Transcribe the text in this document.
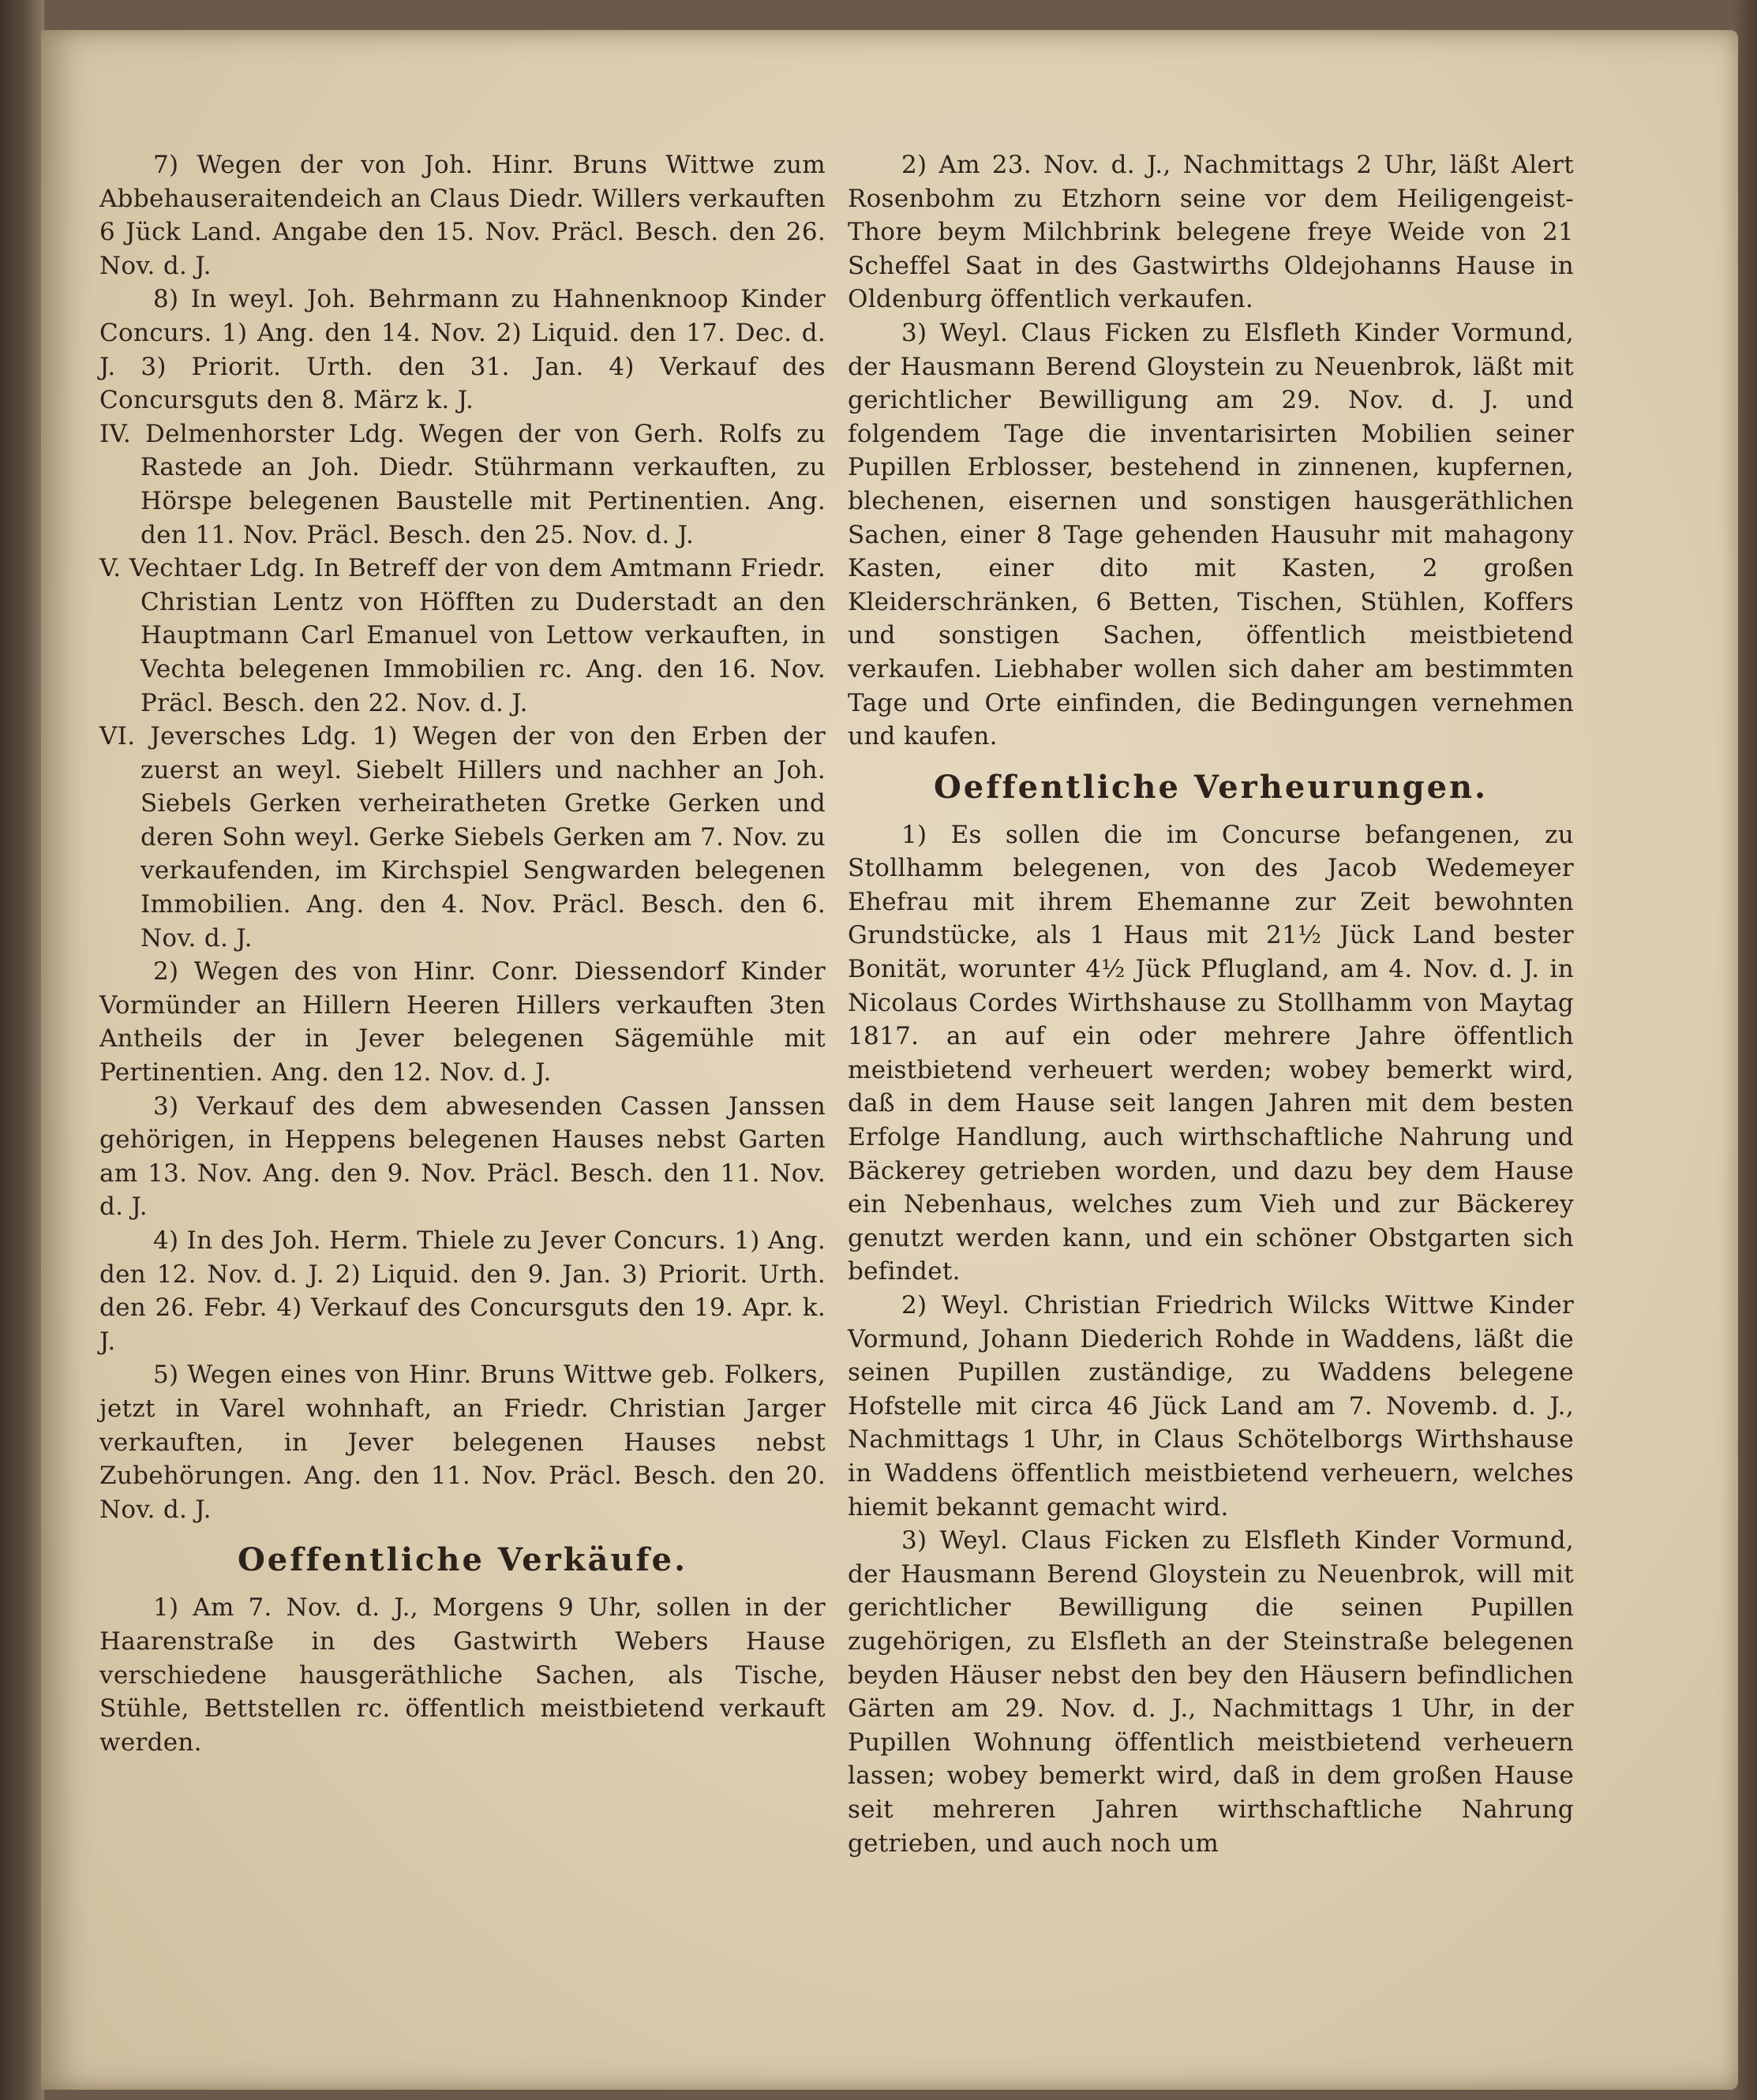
7) Wegen der von Joh. Hinr. Bruns Wittwe zum Abbehauseraitendeich an Claus Diedr. Willers verkauften 6 Jück Land. Angabe den 15. Nov. Präcl. Besch. den 26. Nov. d. J.

8) In weyl. Joh. Behrmann zu Hahnenknoop Kinder Concurs. 1) Ang. den 14. Nov. 2) Liquid. den 17. Dec. d. J. 3) Priorit. Urth. den 31. Jan. 4) Verkauf des Concursguts den 8. März k. J.

IV. Delmenhorster Ldg. Wegen der von Gerh. Rolfs zu Rastede an Joh. Diedr. Stührmann verkauften, zu Hörspe belegenen Baustelle mit Pertinentien. Ang. den 11. Nov. Präcl. Besch. den 25. Nov. d. J.

V. Vechtaer Ldg. In Betreff der von dem Amtmann Friedr. Christian Lentz von Höfften zu Duderstadt an den Hauptmann Carl Emanuel von Lettow verkauften, in Vechta belegenen Immobilien rc. Ang. den 16. Nov. Präcl. Besch. den 22. Nov. d. J.

VI. Jeversches Ldg. 1) Wegen der von den Erben der zuerst an weyl. Siebelt Hillers und nachher an Joh. Siebels Gerken verheiratheten Gretke Gerken und deren Sohn weyl. Gerke Siebels Gerken am 7. Nov. zu verkaufenden, im Kirchspiel Sengwarden belegenen Immobilien. Ang. den 4. Nov. Präcl. Besch. den 6. Nov. d. J.

2) Wegen des von Hinr. Conr. Diessendorf Kinder Vormünder an Hillern Heeren Hillers verkauften 3ten Antheils der in Jever belegenen Sägemühle mit Pertinentien. Ang. den 12. Nov. d. J.

3) Verkauf des dem abwesenden Cassen Janssen gehörigen, in Heppens belegenen Hauses nebst Garten am 13. Nov. Ang. den 9. Nov. Präcl. Besch. den 11. Nov. d. J.

4) In des Joh. Herm. Thiele zu Jever Concurs. 1) Ang. den 12. Nov. d. J. 2) Liquid. den 9. Jan. 3) Priorit. Urth. den 26. Febr. 4) Verkauf des Concursguts den 19. Apr. k. J.

5) Wegen eines von Hinr. Bruns Wittwe geb. Folkers, jetzt in Varel wohnhaft, an Friedr. Christian Jarger verkauften, in Jever belegenen Hauses nebst Zubehörungen. Ang. den 11. Nov. Präcl. Besch. den 20. Nov. d. J.

Oeffentliche Verkäufe.

1) Am 7. Nov. d. J., Morgens 9 Uhr, sollen in der Haarenstraße in des Gastwirth Webers Hause verschiedene hausgeräthliche Sachen, als Tische, Stühle, Bettstellen rc. öffentlich meistbietend verkauft werden.

2) Am 23. Nov. d. J., Nachmittags 2 Uhr, läßt Alert Rosenbohm zu Etzhorn seine vor dem Heiligengeist-Thore beym Milchbrink belegene freye Weide von 21 Scheffel Saat in des Gastwirths Oldejohanns Hause in Oldenburg öffentlich verkaufen.

3) Weyl. Claus Ficken zu Elsfleth Kinder Vormund, der Hausmann Berend Gloystein zu Neuenbrok, läßt mit gerichtlicher Bewilligung am 29. Nov. d. J. und folgendem Tage die inventarisirten Mobilien seiner Pupillen Erblosser, bestehend in zinnenen, kupfernen, blechenen, eisernen und sonstigen hausgeräthlichen Sachen, einer 8 Tage gehenden Hausuhr mit mahagony Kasten, einer dito mit Kasten, 2 großen Kleiderschränken, 6 Betten, Tischen, Stühlen, Koffers und sonstigen Sachen, öffentlich meistbietend verkaufen. Liebhaber wollen sich daher am bestimmten Tage und Orte einfinden, die Bedingungen vernehmen und kaufen.

Oeffentliche Verheurungen.

1) Es sollen die im Concurse befangenen, zu Stollhamm belegenen, von des Jacob Wedemeyer Ehefrau mit ihrem Ehemanne zur Zeit bewohnten Grundstücke, als 1 Haus mit 21½ Jück Land bester Bonität, worunter 4½ Jück Pflugland, am 4. Nov. d. J. in Nicolaus Cordes Wirthshause zu Stollhamm von Maytag 1817. an auf ein oder mehrere Jahre öffentlich meistbietend verheuert werden; wobey bemerkt wird, daß in dem Hause seit langen Jahren mit dem besten Erfolge Handlung, auch wirthschaftliche Nahrung und Bäckerey getrieben worden, und dazu bey dem Hause ein Nebenhaus, welches zum Vieh und zur Bäckerey genutzt werden kann, und ein schöner Obstgarten sich befindet.

2) Weyl. Christian Friedrich Wilcks Wittwe Kinder Vormund, Johann Diederich Rohde in Waddens, läßt die seinen Pupillen zuständige, zu Waddens belegene Hofstelle mit circa 46 Jück Land am 7. Novemb. d. J., Nachmittags 1 Uhr, in Claus Schötelborgs Wirthshause in Waddens öffentlich meistbietend verheuern, welches hiemit bekannt gemacht wird.

3) Weyl. Claus Ficken zu Elsfleth Kinder Vormund, der Hausmann Berend Gloystein zu Neuenbrok, will mit gerichtlicher Bewilligung die seinen Pupillen zugehörigen, zu Elsfleth an der Steinstraße belegenen beyden Häuser nebst den bey den Häusern befindlichen Gärten am 29. Nov. d. J., Nachmittags 1 Uhr, in der Pupillen Wohnung öffentlich meistbietend verheuern lassen; wobey bemerkt wird, daß in dem großen Hause seit mehreren Jahren wirthschaftliche Nahrung getrieben, und auch noch um
